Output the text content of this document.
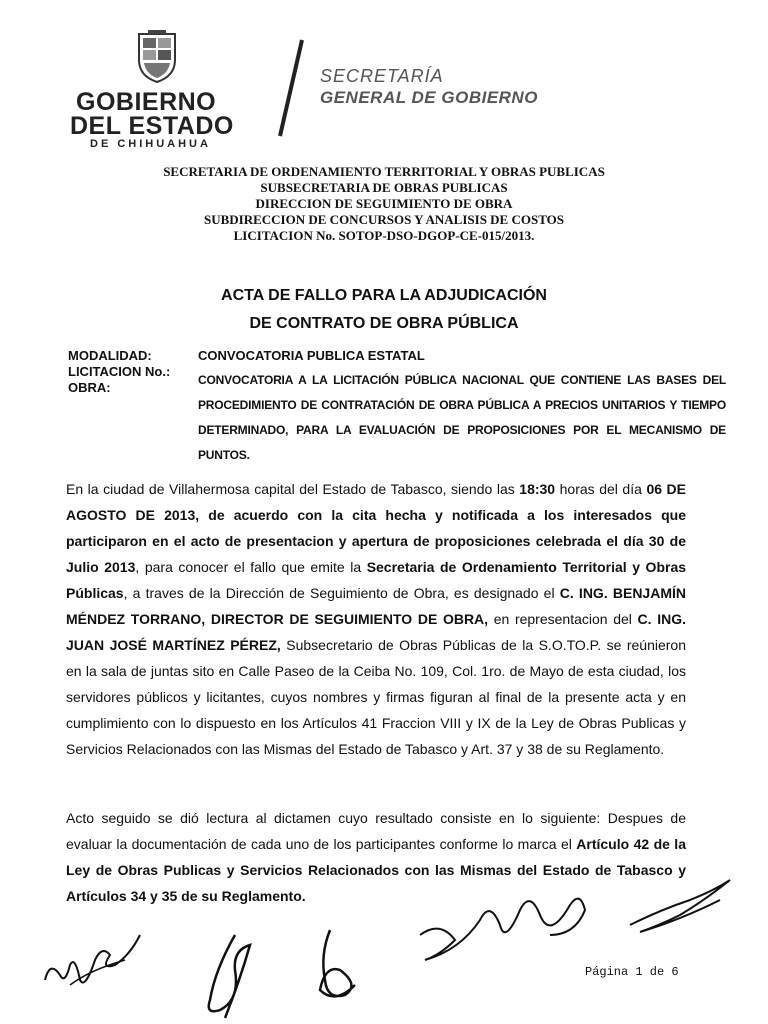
GOBIERNO
DEL ESTADO
DE CHIHUAHUA
SECRETARÍA
GENERAL DE GOBIERNO
SECRETARIA DE ORDENAMIENTO TERRITORIAL Y OBRAS PUBLICAS
SUBSECRETARIA DE OBRAS PUBLICAS
DIRECCION DE SEGUIMIENTO DE OBRA
SUBDIRECCION DE CONCURSOS Y ANALISIS DE COSTOS
LICITACION No. SOTOP-DSO-DGOP-CE-015/2013.
ACTA DE FALLO PARA LA ADJUDICACIÓN
DE CONTRATO DE OBRA PÚBLICA
MODALIDAD:
LICITACION No.:
OBRA:
CONVOCATORIA PUBLICA ESTATAL
CONVOCATORIA A LA LICITACIÓN PÚBLICA NACIONAL QUE CONTIENE LAS BASES DEL PROCEDIMIENTO DE CONTRATACIÓN DE OBRA PÚBLICA A PRECIOS UNITARIOS Y TIEMPO DETERMINADO, PARA LA EVALUACIÓN DE PROPOSICIONES POR EL MECANISMO DE PUNTOS.
En la ciudad de Villahermosa capital del Estado de Tabasco, siendo las 18:30 horas del día 06 DE AGOSTO DE 2013, de acuerdo con la cita hecha y notificada a los interesados que participaron en el acto de presentacion y apertura de proposiciones celebrada el día 30 de Julio 2013, para conocer el fallo que emite la Secretaria de Ordenamiento Territorial y Obras Públicas, a traves de la Dirección de Seguimiento de Obra, es designado el C. ING. BENJAMÍN MÉNDEZ TORRANO, DIRECTOR DE SEGUIMIENTO DE OBRA, en representacion del C. ING. JUAN JOSÉ MARTÍNEZ PÉREZ, Subsecretario de Obras Públicas de la S.O.TO.P. se reúnieron en la sala de juntas sito en Calle Paseo de la Ceiba No. 109, Col. 1ro. de Mayo de esta ciudad, los servidores públicos y licitantes, cuyos nombres y firmas figuran al final de la presente acta y en cumplimiento con lo dispuesto en los Artículos 41 Fraccion VIII y IX de la Ley de Obras Publicas y Servicios Relacionados con las Mismas del Estado de Tabasco y Art. 37 y 38 de su Reglamento.
Acto seguido se dió lectura al dictamen cuyo resultado consiste en lo siguiente: Despues de evaluar la documentación de cada uno de los participantes conforme lo marca el Artículo 42 de la Ley de Obras Publicas y Servicios Relacionados con las Mismas del Estado de Tabasco y Artículos 34 y 35 de su Reglamento.
Página 1 de 6
